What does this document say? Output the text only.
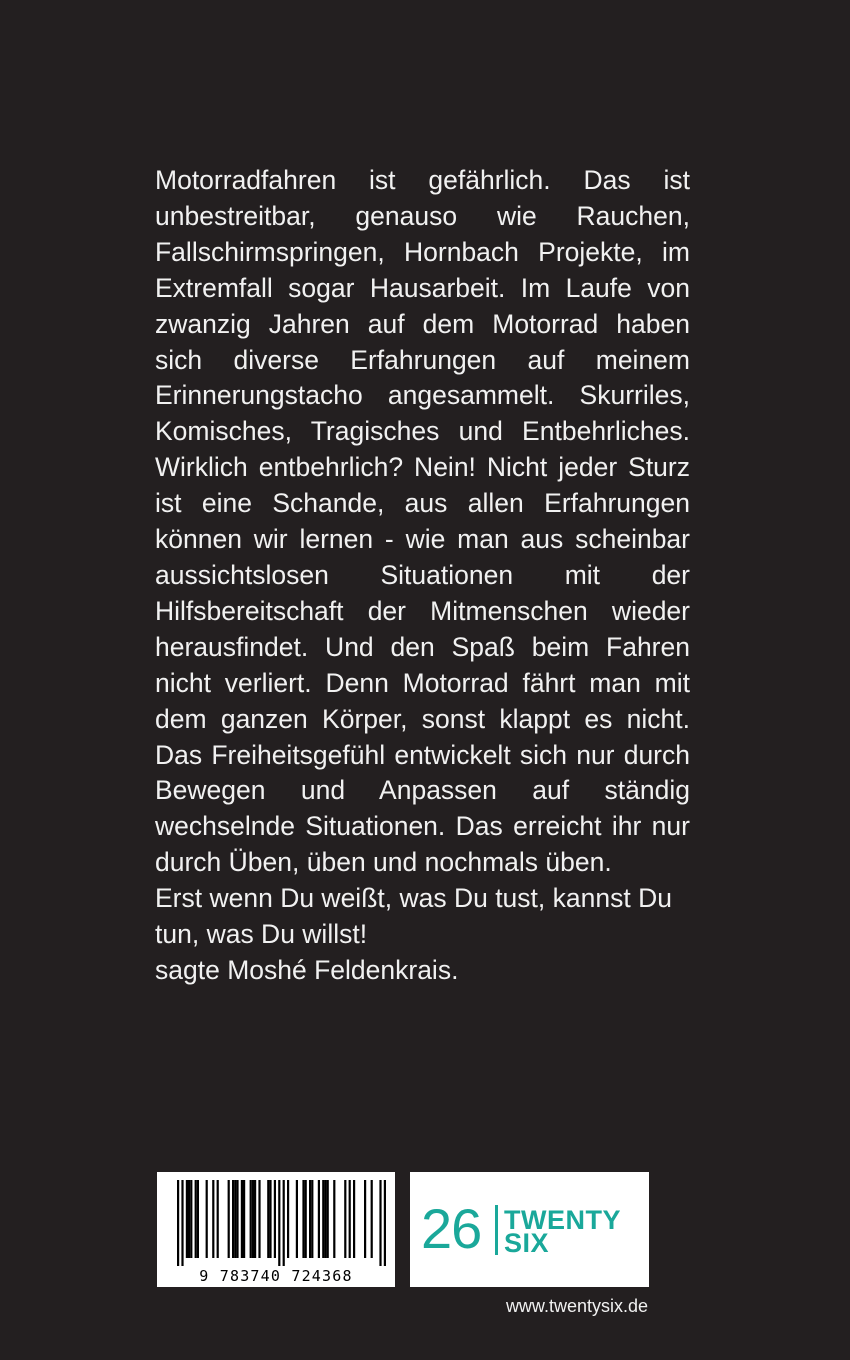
Motorradfahren ist gefährlich. Das ist unbestreitbar, genauso wie Rauchen, Fallschirmspringen, Hornbach Projekte, im Extremfall sogar Hausarbeit. Im Laufe von zwanzig Jahren auf dem Motorrad haben sich diverse Erfahrungen auf meinem Erinnerungstacho angesammelt. Skurriles, Komisches, Tragisches und Entbehrliches. Wirklich entbehrlich? Nein! Nicht jeder Sturz ist eine Schande, aus allen Erfahrungen können wir lernen - wie man aus scheinbar aussichtslosen Situationen mit der Hilfsbereitschaft der Mitmenschen wieder herausfindet. Und den Spaß beim Fahren nicht verliert. Denn Motorrad fährt man mit dem ganzen Körper, sonst klappt es nicht. Das Freiheitsgefühl entwickelt sich nur durch Bewegen und Anpassen auf ständig wechselnde Situationen. Das erreicht ihr nur durch Üben, üben und nochmals üben.

Erst wenn Du weißt, was Du tust, kannst Du tun, was Du willst!

sagte Moshé Feldenkrais.

9 783740 724368
26 TWENTY
SIX
www.twentysix.de
